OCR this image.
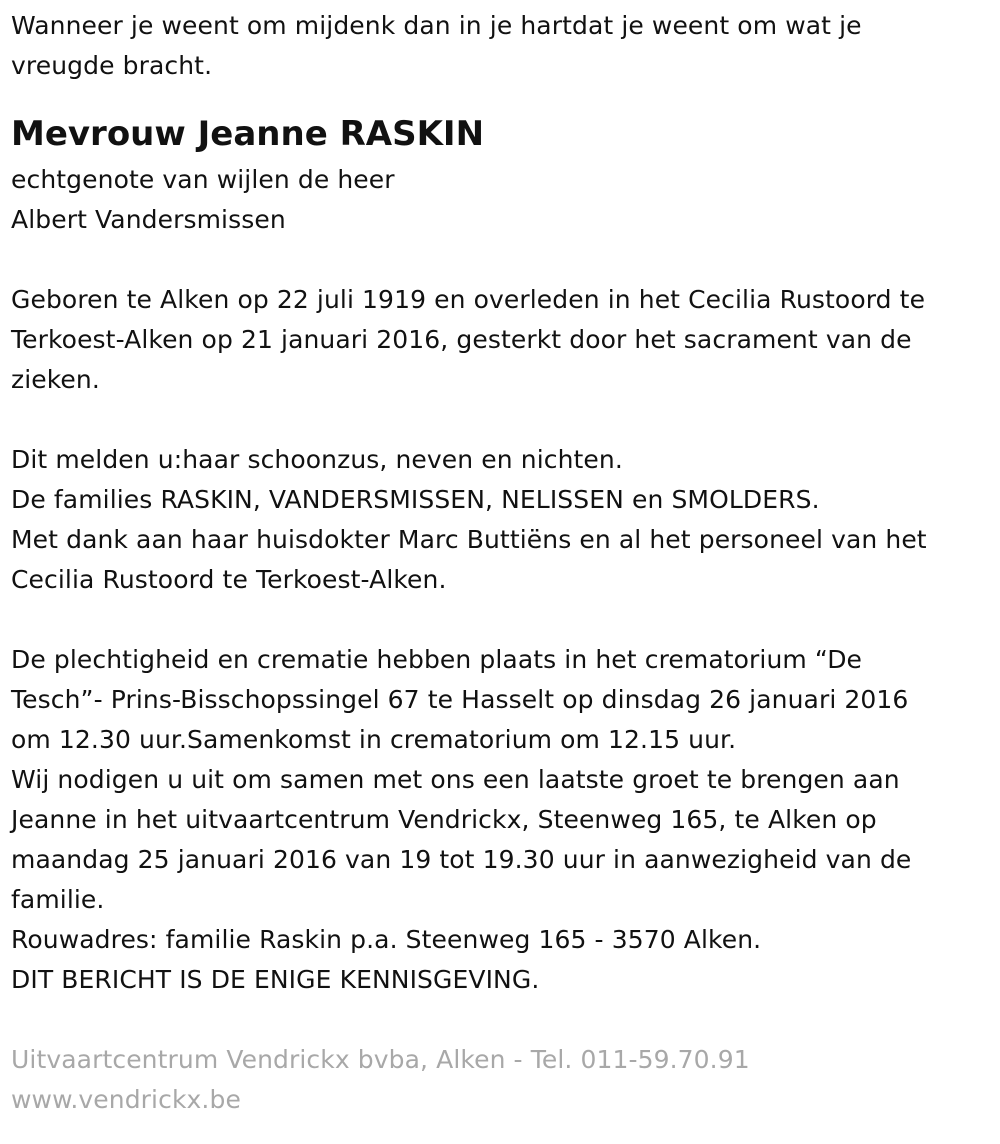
Wanneer je weent om mijdenk dan in je hartdat je weent om wat je
vreugde bracht.
Mevrouw Jeanne RASKIN
echtgenote van wijlen de heer
Albert Vandersmissen
Geboren te Alken op 22 juli 1919 en overleden in het Cecilia Rustoord te
Terkoest-Alken op 21 januari 2016, gesterkt door het sacrament van de
zieken.
Dit melden u:haar schoonzus, neven en nichten.
De families RASKIN, VANDERSMISSEN, NELISSEN en SMOLDERS.
Met dank aan haar huisdokter Marc Buttiëns en al het personeel van het
Cecilia Rustoord te Terkoest-Alken.
De plechtigheid en crematie hebben plaats in het crematorium “De
Tesch”- Prins-Bisschopssingel 67 te Hasselt op dinsdag 26 januari 2016
om 12.30 uur.Samenkomst in crematorium om 12.15 uur.
Wij nodigen u uit om samen met ons een laatste groet te brengen aan
Jeanne in het uitvaartcentrum Vendrickx, Steenweg 165, te Alken op
maandag 25 januari 2016 van 19 tot 19.30 uur in aanwezigheid van de
familie.
Rouwadres: familie Raskin p.a. Steenweg 165 - 3570 Alken.
DIT BERICHT IS DE ENIGE KENNISGEVING.
Uitvaartcentrum Vendrickx bvba, Alken - Tel. 011-59.70.91
www.vendrickx.be
